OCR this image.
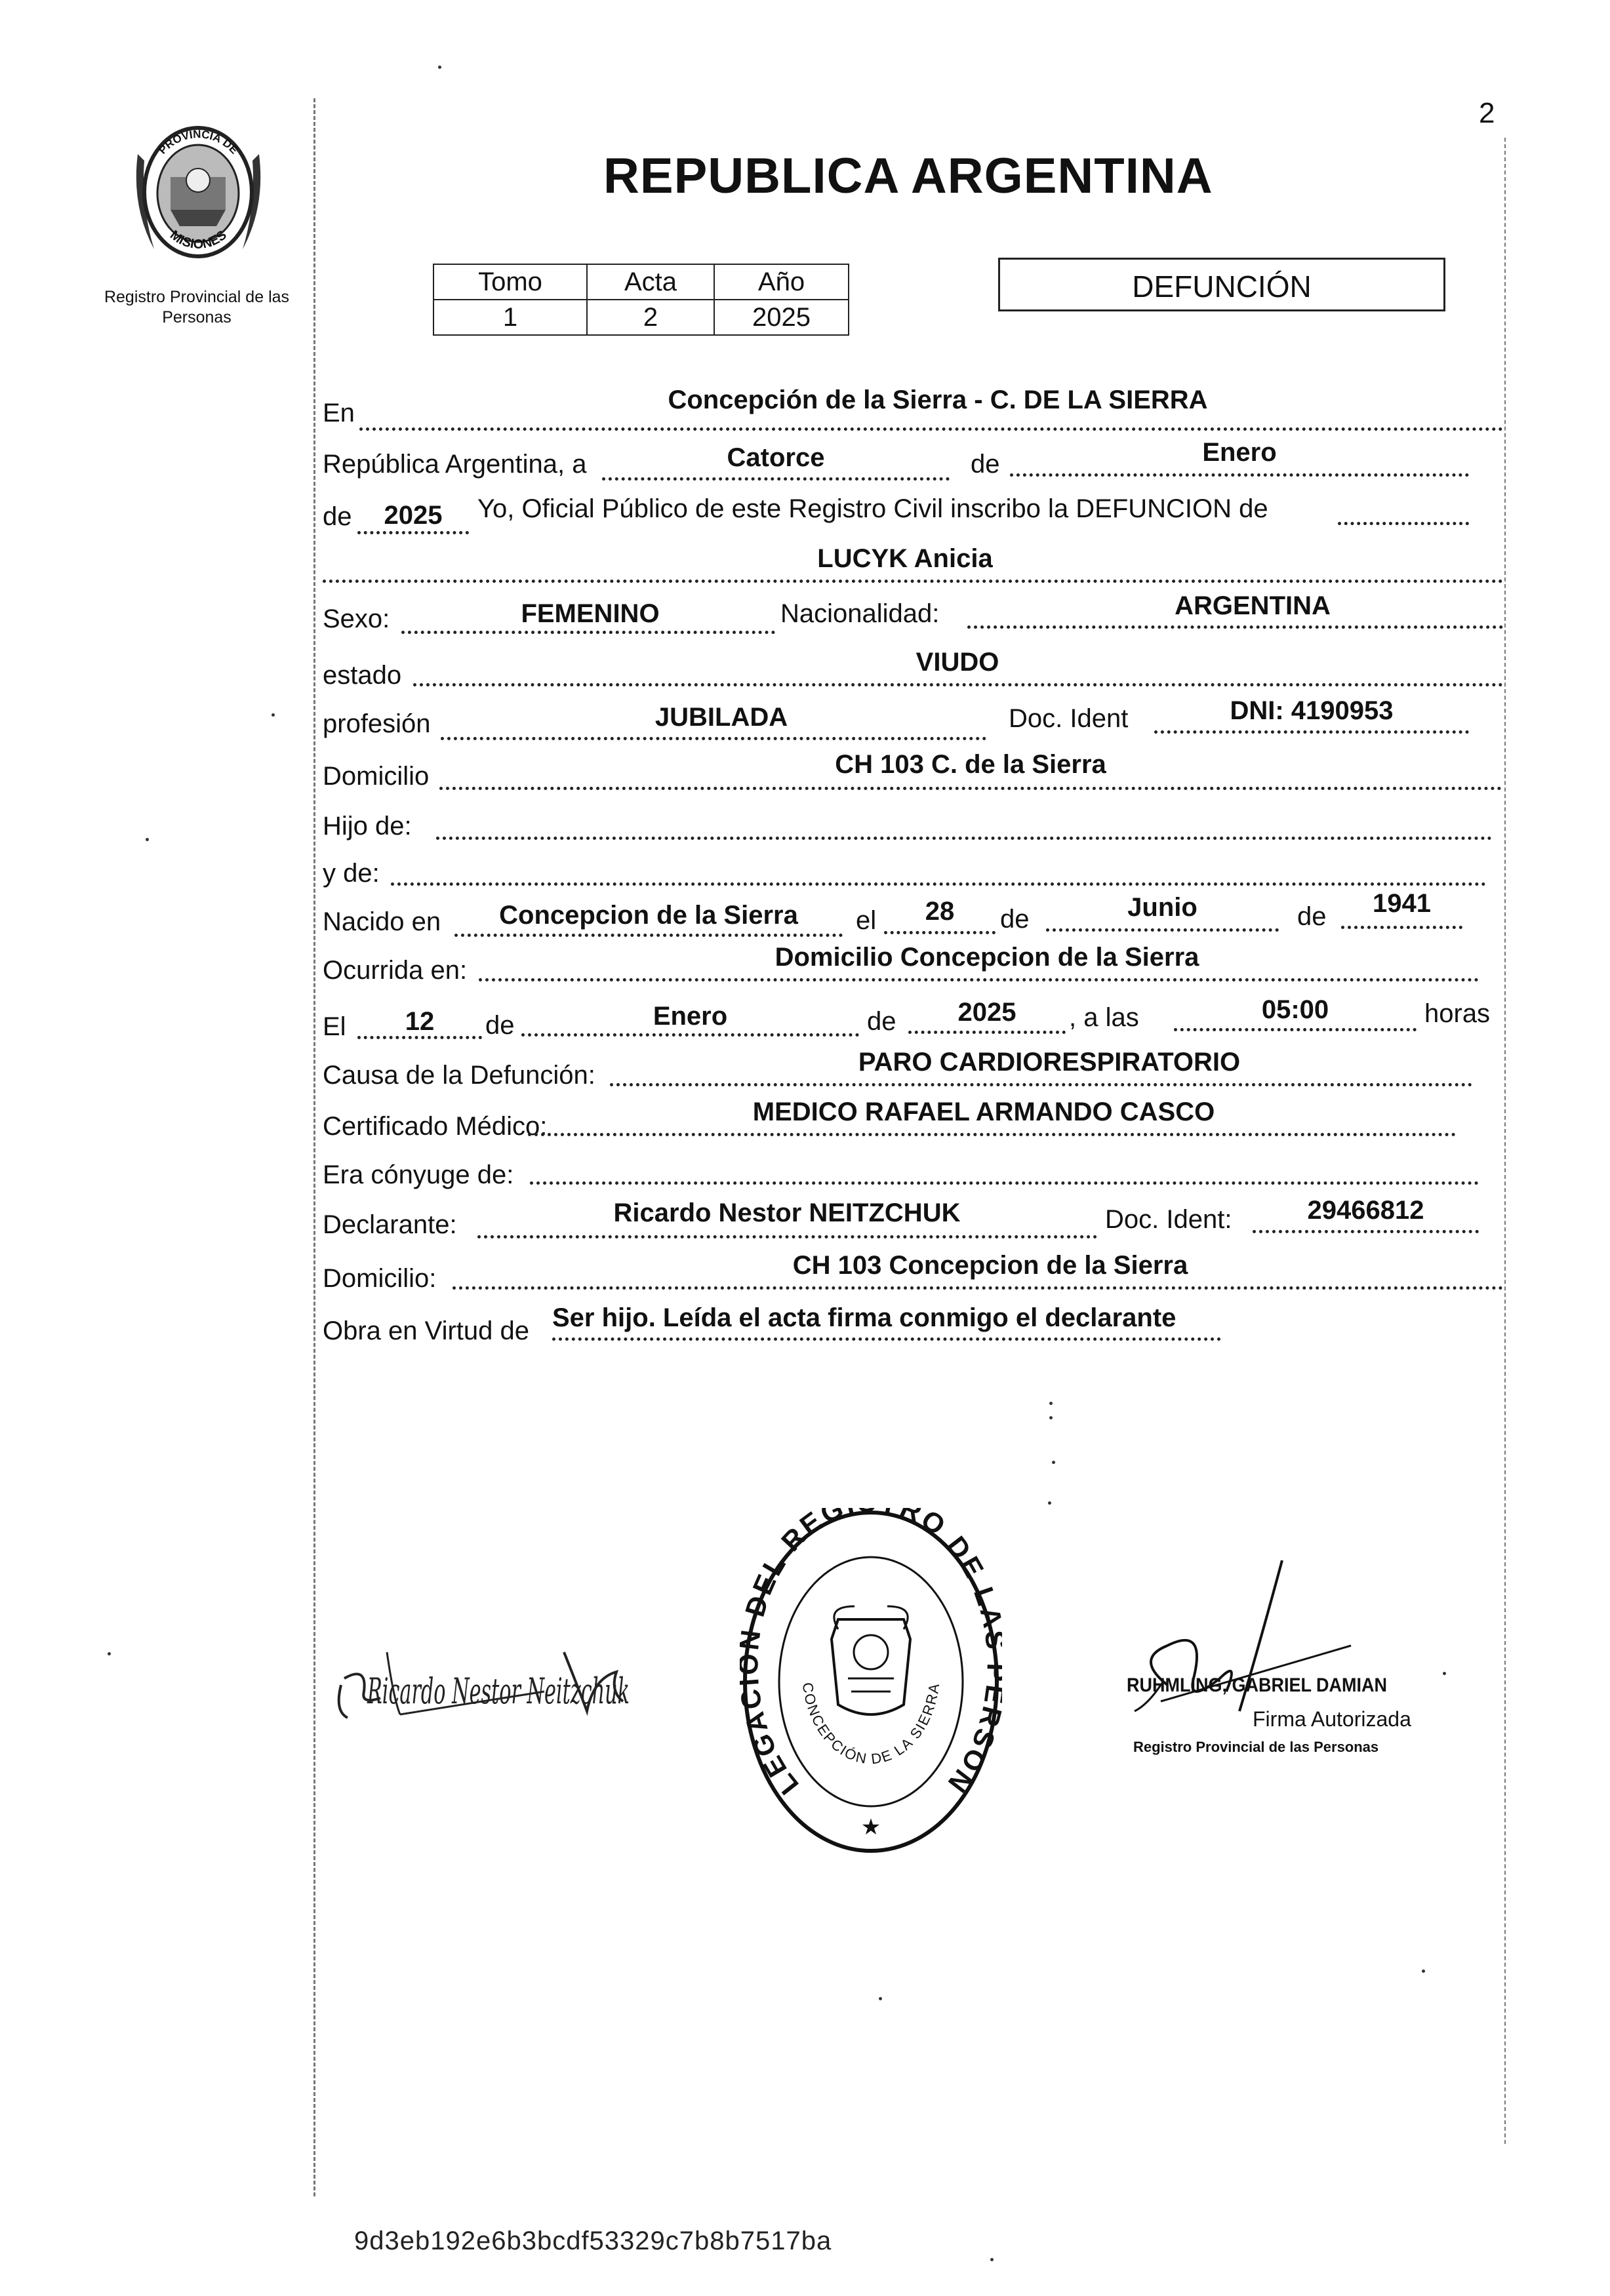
2
PROVINCIA DE
MISIONES
Registro Provincial de las Personas
REPUBLICA ARGENTINA
Tomo	Acta	Año
1	2	2025
DEFUNCIÓN
En	Concepción de la Sierra - C. DE LA SIERRA
República Argentina, a	Catorce	de	Enero
de	2025	Yo, Oficial Público de este Registro Civil inscribo la DEFUNCION de
LUCYK Anicia
Sexo:	FEMENINO	Nacionalidad:	ARGENTINA
estado	VIUDO
profesión	JUBILADA	Doc. Ident	DNI: 4190953
Domicilio	CH 103 C. de la Sierra
Hijo de:
y de:
Nacido en	Concepcion de la Sierra	el	28	de	Junio	de	1941
Ocurrida en:	Domicilio Concepcion de la Sierra
El	12	de	Enero	de	2025	, a las	05:00	horas
Causa de la Defunción:	PARO CARDIORESPIRATORIO
Certificado Médico:	MEDICO RAFAEL ARMANDO CASCO
Era cónyuge de:
Declarante:	Ricardo Nestor NEITZCHUK	Doc. Ident:	29466812
Domicilio:	CH 103 Concepcion de la Sierra
Obra en Virtud de Ser hijo. Leída el acta firma conmigo el declarante
Ricardo Nestor Neitzchuk
LEGA DEL REG RO DE L SON
CONCEPCIÓN DE LA SIERRA
★
RUHMLING, GABRIEL DAMIAN
Firma Autorizada
Registro Provincial de las Personas
9d3eb192e6b3bcdf53329c7b8b7517ba
